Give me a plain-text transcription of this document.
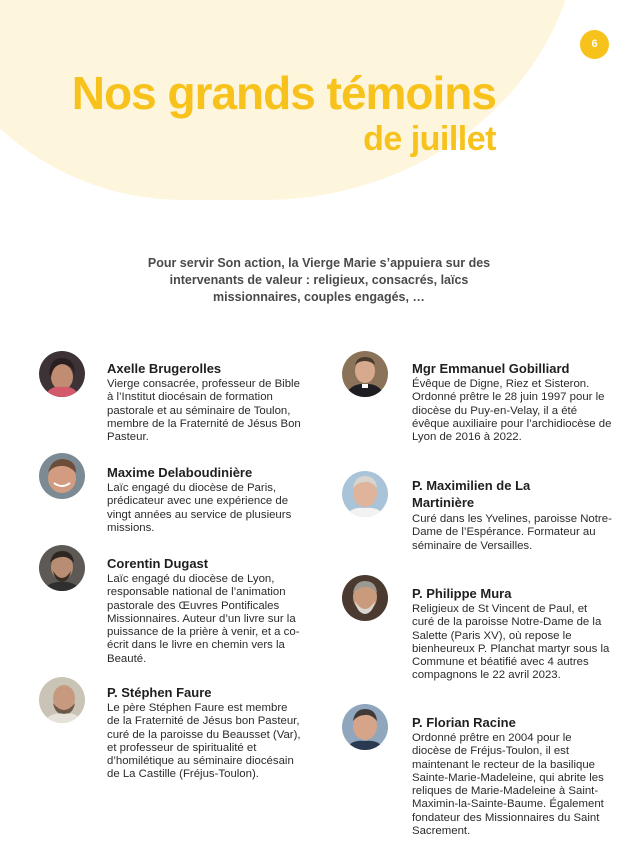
6
Nos grands témoins
de juillet
Pour servir Son action, la Vierge Marie s’appuiera sur des intervenants de valeur : religieux, consacrés, laïcs missionnaires, couples engagés, …
Axelle Brugerolles
Vierge consacrée, professeur de Bible à l’Institut diocésain de formation pastorale et au séminaire de Toulon, membre de la Fraternité de Jésus Bon Pasteur.
Maxime Delaboudinière
Laïc engagé du diocèse de Paris, prédicateur avec une expérience de vingt années au service de plusieurs missions.
Corentin Dugast
Laïc engagé du diocèse de Lyon, responsable national de l’animation pastorale des Œuvres Pontificales Missionnaires. Auteur d’un livre sur la puissance de la prière à venir, et a co-écrit dans le livre en chemin vers la Beauté.
P. Stéphen Faure
Le père Stéphen Faure est membre de la Fraternité de Jésus bon Pasteur, curé de la paroisse du Beausset (Var), et professeur de spiritualité et d’homilétique au séminaire diocésain de La Castille (Fréjus-Toulon).
Mgr Emmanuel Gobilliard
Évêque de Digne, Riez et Sisteron. Ordonné prêtre le 28 juin 1997 pour le diocèse du Puy-en-Velay, il a été évêque auxiliaire pour l’archidiocèse de Lyon de 2016 à 2022.
P. Maximilien de La Martinière
Curé dans les Yvelines, paroisse Notre-Dame de l’Espérance. Formateur au séminaire de Versailles.
P. Philippe Mura
Religieux de St Vincent de Paul, et curé de la paroisse Notre-Dame de la Salette (Paris XV), où repose le bienheureux P. Planchat martyr sous la Commune et béatifié avec 4 autres compagnons le 22 avril 2023.
P. Florian Racine
Ordonné prêtre en 2004 pour le diocèse de Fréjus-Toulon, il est maintenant le recteur de la basilique Sainte-Marie-Madeleine, qui abrite les reliques de Marie-Madeleine à Saint-Maximin-la-Sainte-Baume. Également fondateur des Missionnaires du Saint Sacrement.
